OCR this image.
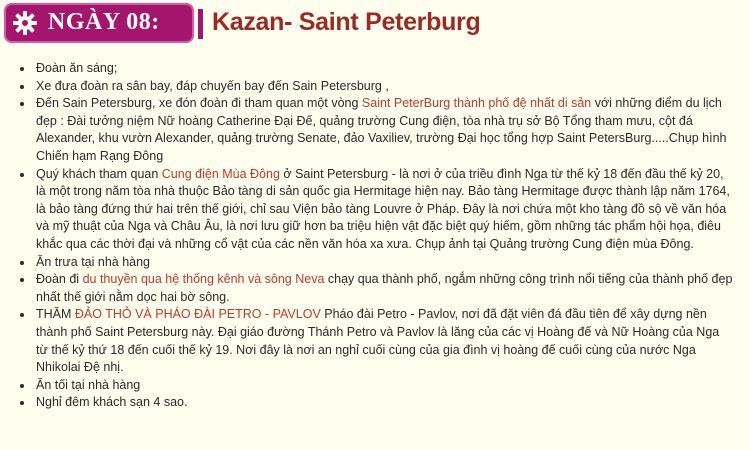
NGÀY 08: Kazan- Saint Peterburg
• Đoàn ăn sáng;
• Xe đưa đoàn ra sân bay, đáp chuyến bay đến Sain Petersburg ,
• Đến Sain Petersburg, xe đón đoàn đi tham quan một vòng Saint PeterBurg thành phố đệ nhất di sản với những điểm du lịch đẹp : Đài tưởng niệm Nữ hoàng Catherine Đại Đế, quảng trường Cung điện, tòa nhà trụ sở Bộ Tổng tham mưu, cột đá Alexander, khu vườn Alexander, quảng trường Senate, đảo Vaxiliev, trường Đại học tổng hợp Saint PetersBurg.....Chụp hình Chiến hạm Rạng Đông
• Quý khách tham quan Cung điện Mùa Đông ở Saint Petersburg - là nơi ở của triều đình Nga từ thế kỷ 18 đến đầu thế kỷ 20, là một trong năm tòa nhà thuộc Bảo tàng di sản quốc gia Hermitage hiện nay. Bảo tàng Hermitage được thành lập năm 1764, là bảo tàng đứng thứ hai trên thế giới, chỉ sau Viện bảo tàng Louvre ở Pháp. Đây là nơi chứa một kho tàng đồ sộ về văn hóa và mỹ thuật của Nga và Châu Âu, là nơi lưu giữ hơn ba triệu hiện vật đặc biệt quý hiếm, gồm những tác phẩm hội họa, điêu khắc qua các thời đại và những cổ vật của các nền văn hóa xa xưa. Chụp ảnh tại Quảng trường Cung điện mùa Đông.
• Ăn trưa tại nhà hàng
• Đoàn đi du thuyền qua hệ thống kênh và sông Neva chạy qua thành phố, ngắm những công trình nổi tiếng của thành phố đẹp nhất thế giới nằm dọc hai bờ sông.
• THĂM ĐẢO THỎ VÀ PHÁO ĐÀI PETRO - PAVLOV Pháo đài Petro - Pavlov, nơi đã đặt viên đá đầu tiên để xây dựng nền thành phố Saint Petersburg này. Đại giáo đường Thánh Petro và Pavlov là lăng của các vị Hoàng đế và Nữ Hoàng của Nga từ thế kỷ thứ 18 đến cuối thế kỷ 19. Nơi đây là nơi an nghỉ cuối cùng của gia đình vị hoàng đế cuối cùng của nước Nga Nhikolai Đệ nhị.
• Ăn tối tại nhà hàng
• Nghỉ đêm khách sạn 4 sao.
